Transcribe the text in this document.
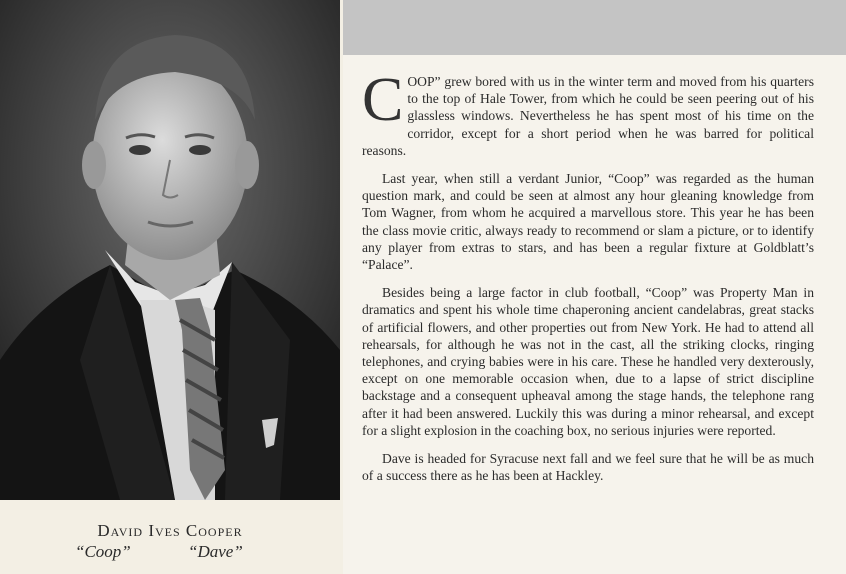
David Ives Cooper
“Coop”	“Dave”

COOP” grew bored with us in the winter term and moved from his quarters to the top of Hale Tower, from which he could be seen peering out of his glassless windows. Nevertheless he has spent most of his time on the corridor, except for a short period when he was barred for political reasons.

Last year, when still a verdant Junior, “Coop” was regarded as the human question mark, and could be seen at almost any hour gleaning knowledge from Tom Wagner, from whom he acquired a marvellous store. This year he has been the class movie critic, always ready to recommend or slam a picture, or to identify any player from extras to stars, and has been a regular fixture at Goldblatt’s “Palace”.

Besides being a large factor in club football, “Coop” was Property Man in dramatics and spent his whole time chaperoning ancient candelabras, great stacks of artificial flowers, and other properties out from New York. He had to attend all rehearsals, for although he was not in the cast, all the striking clocks, ringing telephones, and crying babies were in his care. These he handled very dexterously, except on one memorable occasion when, due to a lapse of strict discipline backstage and a consequent upheaval among the stage hands, the telephone rang after it had been answered. Luckily this was during a minor rehearsal, and except for a slight explosion in the coaching box, no serious injuries were reported.

Dave is headed for Syracuse next fall and we feel sure that he will be as much of a success there as he has been at Hackley.
